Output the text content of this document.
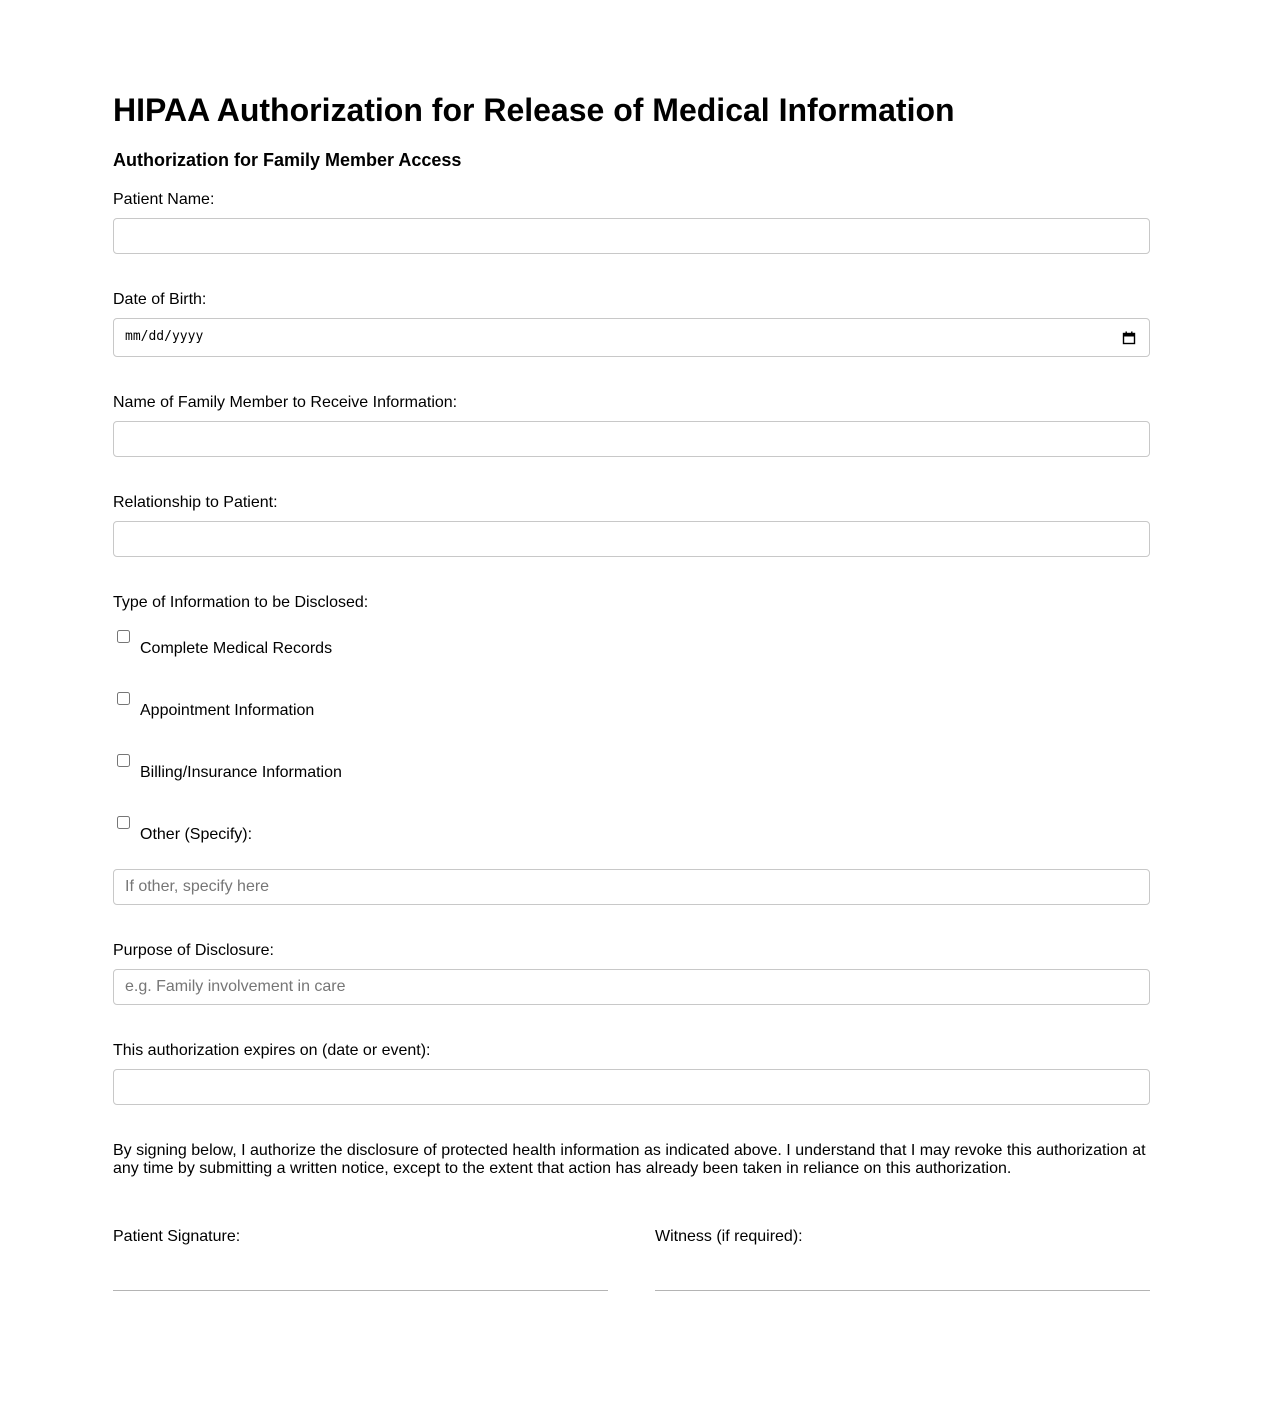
HIPAA Authorization for Release of Medical Information
Authorization for Family Member Access
Patient Name:
Date of Birth:
mm/dd/yyyy
Name of Family Member to Receive Information:
Relationship to Patient:
Type of Information to be Disclosed:
Complete Medical Records
Appointment Information
Billing/Insurance Information
Other (Specify):
If other, specify here
Purpose of Disclosure:
e.g. Family involvement in care
This authorization expires on (date or event):
By signing below, I authorize the disclosure of protected health information as indicated above. I understand that I may revoke this authorization at any time by submitting a written notice, except to the extent that action has already been taken in reliance on this authorization.
Patient Signature:	Witness (if required):
